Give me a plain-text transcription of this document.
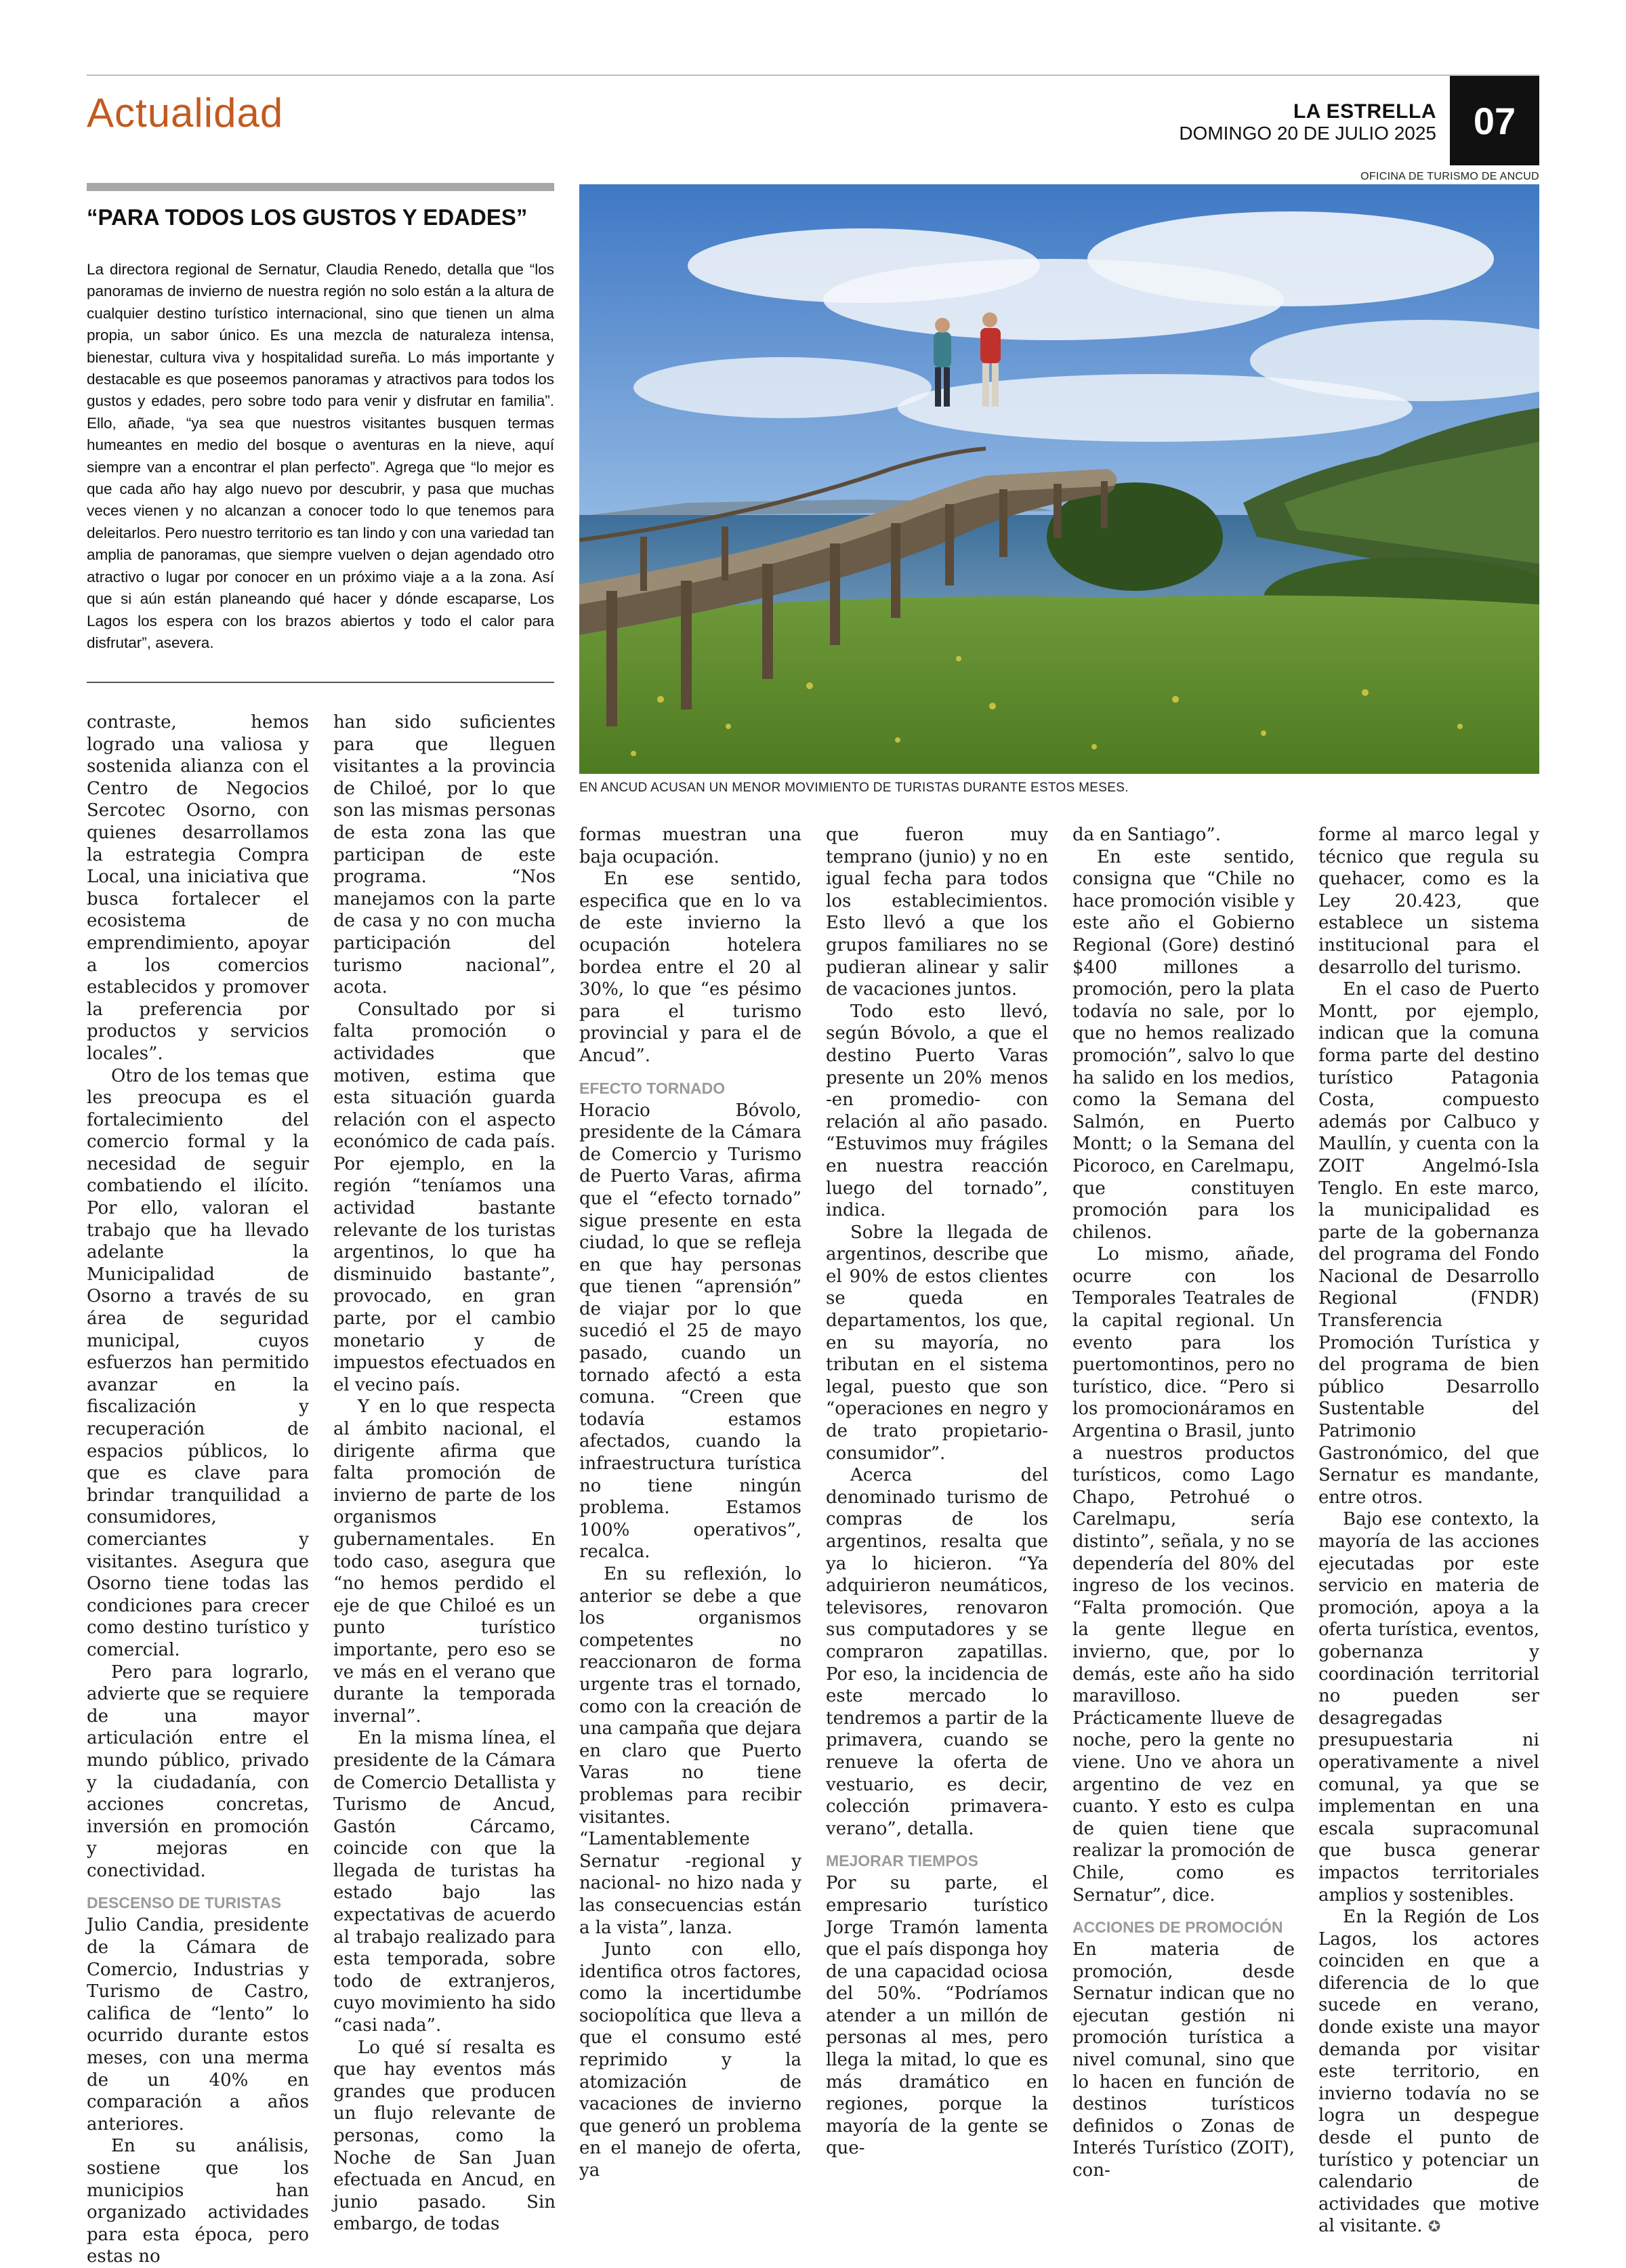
Actualidad	LA ESTRELLA
DOMINGO 20 DE JULIO 2025 07
OFICINA DE TURISMO DE ANCUD
“PARA TODOS LOS GUSTOS Y EDADES”
La directora regional de Sernatur, Claudia Renedo, detalla que “los panoramas de invierno de nuestra región no solo están a la altura de cualquier destino turístico internacional, sino que tienen un alma propia, un sabor único. Es una mezcla de naturaleza intensa, bienestar, cultura viva y hospitalidad sureña. Lo más importante y destacable es que poseemos panoramas y atractivos para todos los gustos y edades, pero sobre todo para venir y disfrutar en familia”. Ello, añade, “ya sea que nuestros visitantes busquen termas humeantes en medio del bosque o aventuras en la nieve, aquí siempre van a encontrar el plan perfecto”. Agrega que “lo mejor es que cada año hay algo nuevo por descubrir, y pasa que muchas veces vienen y no alcanzan a conocer todo lo que tenemos para deleitarlos. Pero nuestro territorio es tan lindo y con una variedad tan amplia de panoramas, que siempre vuelven o dejan agendado otro atractivo o lugar por conocer en un próximo viaje a a la zona. Así que si aún están planeando qué hacer y dónde escaparse, Los Lagos los espera con los brazos abiertos y todo el calor para disfrutar”, asevera.
EN ANCUD ACUSAN UN MENOR MOVIMIENTO DE TURISTAS DURANTE ESTOS MESES.

contraste, hemos logrado una valiosa y sostenida alianza con el Centro de Negocios Sercotec Osorno, con quienes desarrollamos la estrategia Compra Local, una iniciativa que busca fortalecer el ecosistema de emprendimiento, apoyar a los comercios establecidos y promover la preferencia por productos y servicios locales”.

Otro de los temas que les preocupa es el fortalecimiento del comercio formal y la necesidad de seguir combatiendo el ilícito. Por ello, valoran el trabajo que ha llevado adelante la Municipalidad de Osorno a través de su área de seguridad municipal, cuyos esfuerzos han permitido avanzar en la fiscalización y recuperación de espacios públicos, lo que es clave para brindar tranquilidad a consumidores, comerciantes y visitantes. Asegura que Osorno tiene todas las condiciones para crecer como destino turístico y comercial.

Pero para lograrlo, advierte que se requiere de una mayor articulación entre el mundo público, privado y la ciudadanía, con acciones concretas, inversión en promoción y mejoras en conectividad.

DESCENSO DE TURISTAS

Julio Candia, presidente de la Cámara de Comercio, Industrias y Turismo de Castro, califica de “lento” lo ocurrido durante estos meses, con una merma de un 40% en comparación a años anteriores.

En su análisis, sostiene que los municipios han organizado actividades para esta época, pero estas no

han sido suficientes para que lleguen visitantes a la provincia de Chiloé, por lo que son las mismas personas de esta zona las que participan de este programa. “Nos manejamos con la parte de casa y no con mucha participación del turismo nacional”, acota.

Consultado por si falta promoción o actividades que motiven, estima que esta situación guarda relación con el aspecto económico de cada país. Por ejemplo, en la región “teníamos una actividad bastante relevante de los turistas argentinos, lo que ha disminuido bastante”, provocado, en gran parte, por el cambio monetario y de impuestos efectuados en el vecino país.

Y en lo que respecta al ámbito nacional, el dirigente afirma que falta promoción de invierno de parte de los organismos gubernamentales. En todo caso, asegura que “no hemos perdido el eje de que Chiloé es un punto turístico importante, pero eso se ve más en el verano que durante la temporada invernal”.

En la misma línea, el presidente de la Cámara de Comercio Detallista y Turismo de Ancud, Gastón Cárcamo, coincide con que la llegada de turistas ha estado bajo las expectativas de acuerdo al trabajo realizado para esta temporada, sobre todo de extranjeros, cuyo movimiento ha sido “casi nada”.

Lo qué sí resalta es que hay eventos más grandes que producen un flujo relevante de personas, como la Noche de San Juan efectuada en Ancud, en junio pasado. Sin embargo, de todas

formas muestran una baja ocupación.

En ese sentido, especifica que en lo va de este invierno la ocupación hotelera bordea entre el 20 al 30%, lo que “es pésimo para el turismo provincial y para el de Ancud”.

EFECTO TORNADO

Horacio Bóvolo, presidente de la Cámara de Comercio y Turismo de Puerto Varas, afirma que el “efecto tornado” sigue presente en esta ciudad, lo que se refleja en que hay personas que tienen “aprensión” de viajar por lo que sucedió el 25 de mayo pasado, cuando un tornado afectó a esta comuna. “Creen que todavía estamos afectados, cuando la infraestructura turística no tiene ningún problema. Estamos 100% operativos”, recalca.

En su reflexión, lo anterior se debe a que los organismos competentes no reaccionaron de forma urgente tras el tornado, como con la creación de una campaña que dejara en claro que Puerto Varas no tiene problemas para recibir visitantes. “Lamentablemente Sernatur -regional y nacional- no hizo nada y las consecuencias están a la vista”, lanza.

Junto con ello, identifica otros factores, como la incertidumbe sociopolítica que lleva a que el consumo esté reprimido y la atomización de vacaciones de invierno que generó un problema en el manejo de oferta, ya

que fueron muy temprano (junio) y no en igual fecha para todos los establecimientos. Esto llevó a que los grupos familiares no se pudieran alinear y salir de vacaciones juntos.

Todo esto llevó, según Bóvolo, a que el destino Puerto Varas presente un 20% menos -en promedio- con relación al año pasado. “Estuvimos muy frágiles en nuestra reacción luego del tornado”, indica.

Sobre la llegada de argentinos, describe que el 90% de estos clientes se queda en departamentos, los que, en su mayoría, no tributan en el sistema legal, puesto que son “operaciones en negro y de trato propietario-consumidor”.

Acerca del denominado turismo de compras de los argentinos, resalta que ya lo hicieron. “Ya adquirieron neumáticos, televisores, renovaron sus computadores y se compraron zapatillas. Por eso, la incidencia de este mercado lo tendremos a partir de la primavera, cuando se renueve la oferta de vestuario, es decir, colección primavera-verano”, detalla.

MEJORAR TIEMPOS

Por su parte, el empresario turístico Jorge Tramón lamenta que el país disponga hoy de una capacidad ociosa del 50%. “Podríamos atender a un millón de personas al mes, pero llega la mitad, lo que es más dramático en regiones, porque la mayoría de la gente se que-

da en Santiago”.

En este sentido, consigna que “Chile no hace promoción visible y este año el Gobierno Regional (Gore) destinó $400 millones a promoción, pero la plata todavía no sale, por lo que no hemos realizado promoción”, salvo lo que ha salido en los medios, como la Semana del Salmón, en Puerto Montt; o la Semana del Picoroco, en Carelmapu, que constituyen promoción para los chilenos.

Lo mismo, añade, ocurre con los Temporales Teatrales de la capital regional. Un evento para los puertomontinos, pero no turístico, dice. “Pero si los promocionáramos en Argentina o Brasil, junto a nuestros productos turísticos, como Lago Chapo, Petrohué o Carelmapu, sería distinto”, señala, y no se dependería del 80% del ingreso de los vecinos. “Falta promoción. Que la gente llegue en invierno, que, por lo demás, este año ha sido maravilloso. Prácticamente llueve de noche, pero la gente no viene. Uno ve ahora un argentino de vez en cuanto. Y esto es culpa de quien tiene que realizar la promoción de Chile, como es Sernatur”, dice.

ACCIONES DE PROMOCIÓN

En materia de promoción, desde Sernatur indican que no ejecutan gestión ni promoción turística a nivel comunal, sino que lo hacen en función de destinos turísticos definidos o Zonas de Interés Turístico (ZOIT), con-

forme al marco legal y técnico que regula su quehacer, como es la Ley 20.423, que establece un sistema institucional para el desarrollo del turismo.

En el caso de Puerto Montt, por ejemplo, indican que la comuna forma parte del destino turístico Patagonia Costa, compuesto además por Calbuco y Maullín, y cuenta con la ZOIT Angelmó-Isla Tenglo. En este marco, la municipalidad es parte de la gobernanza del programa del Fondo Nacional de Desarrollo Regional (FNDR) Transferencia Promoción Turística y del programa de bien público Desarrollo Sustentable del Patrimonio Gastronómico, del que Sernatur es mandante, entre otros.

Bajo ese contexto, la mayoría de las acciones ejecutadas por este servicio en materia de promoción, apoya a la oferta turística, eventos, gobernanza y coordinación territorial no pueden ser desagregadas presupuestaria ni operativamente a nivel comunal, ya que se implementan en una escala supracomunal que busca generar impactos territoriales amplios y sostenibles.

En la Región de Los Lagos, los actores coinciden en que a diferencia de lo que sucede en verano, donde existe una mayor demanda por visitar este territorio, en invierno todavía no se logra un despegue desde el punto de turístico y potenciar un calendario de actividades que motive al visitante. ✪
